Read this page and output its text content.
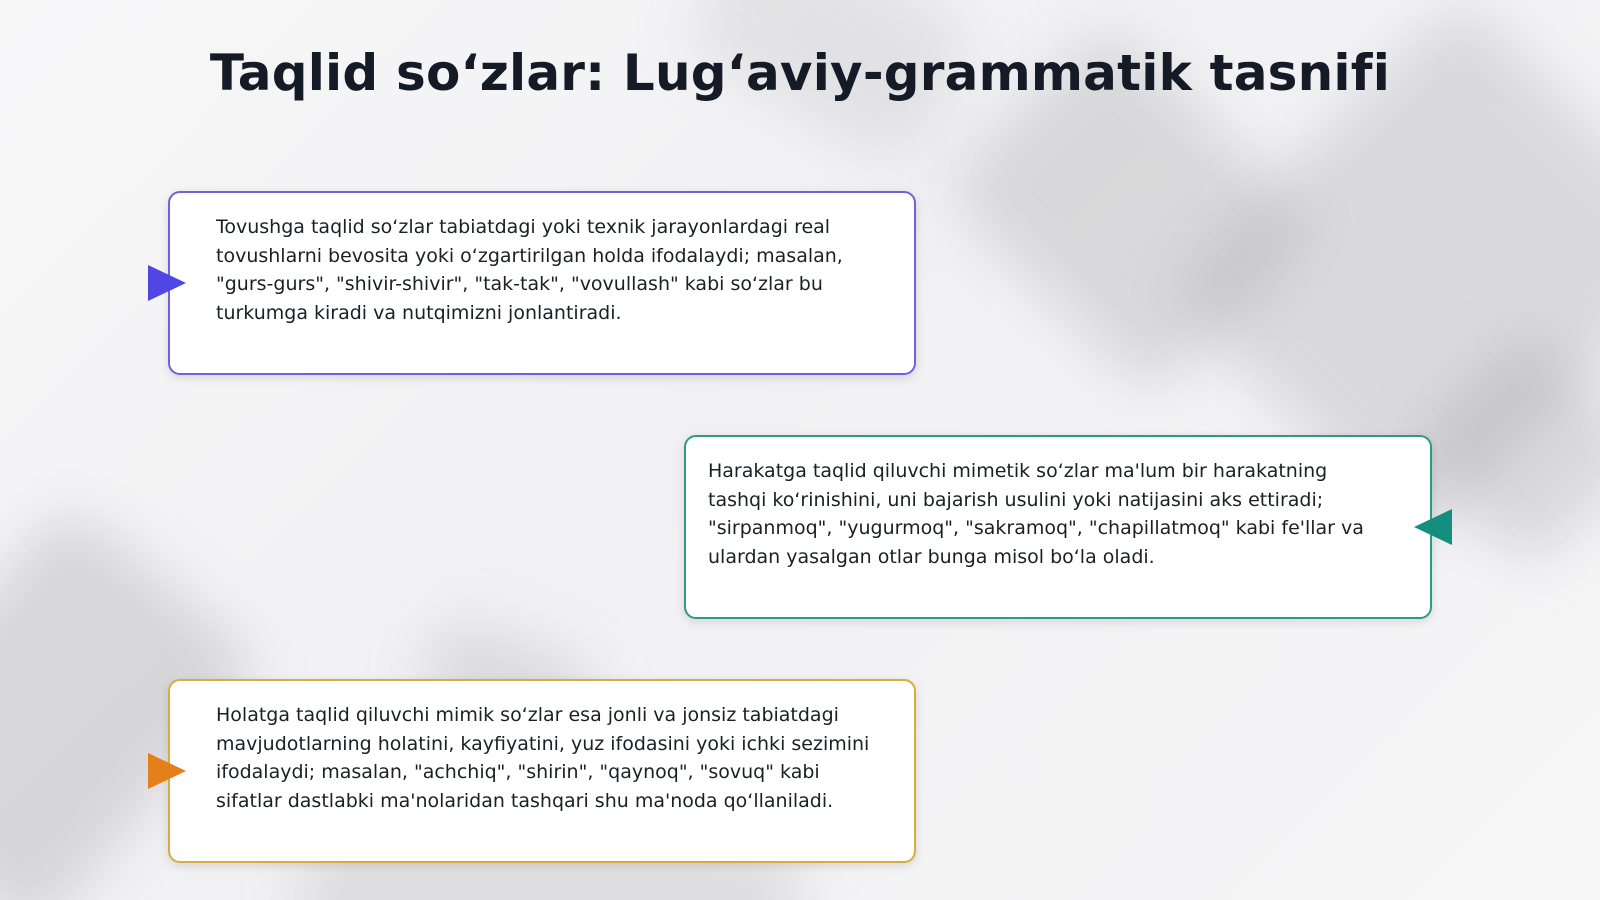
Taqlid so‘zlar: Lug‘aviy-grammatik tasnifi
Tovushga taqlid so‘zlar tabiatdagi yoki texnik jarayonlardagi real tovushlarni bevosita yoki o‘zgartirilgan holda ifodalaydi; masalan, "gurs-gurs", "shivir-shivir", "tak-tak", "vovullash" kabi so‘zlar bu turkumga kiradi va nutqimizni jonlantiradi.
Harakatga taqlid qiluvchi mimetik so‘zlar ma'lum bir harakatning tashqi ko‘rinishini, uni bajarish usulini yoki natijasini aks ettiradi; "sirpanmoq", "yugurmoq", "sakramoq", "chapillatmoq" kabi fe'llar va ulardan yasalgan otlar bunga misol bo‘la oladi.
Holatga taqlid qiluvchi mimik so‘zlar esa jonli va jonsiz tabiatdagi mavjudotlarning holatini, kayfiyatini, yuz ifodasini yoki ichki sezimini ifodalaydi; masalan, "achchiq", "shirin", "qaynoq", "sovuq" kabi sifatlar dastlabki ma'nolaridan tashqari shu ma'noda qo‘llaniladi.
